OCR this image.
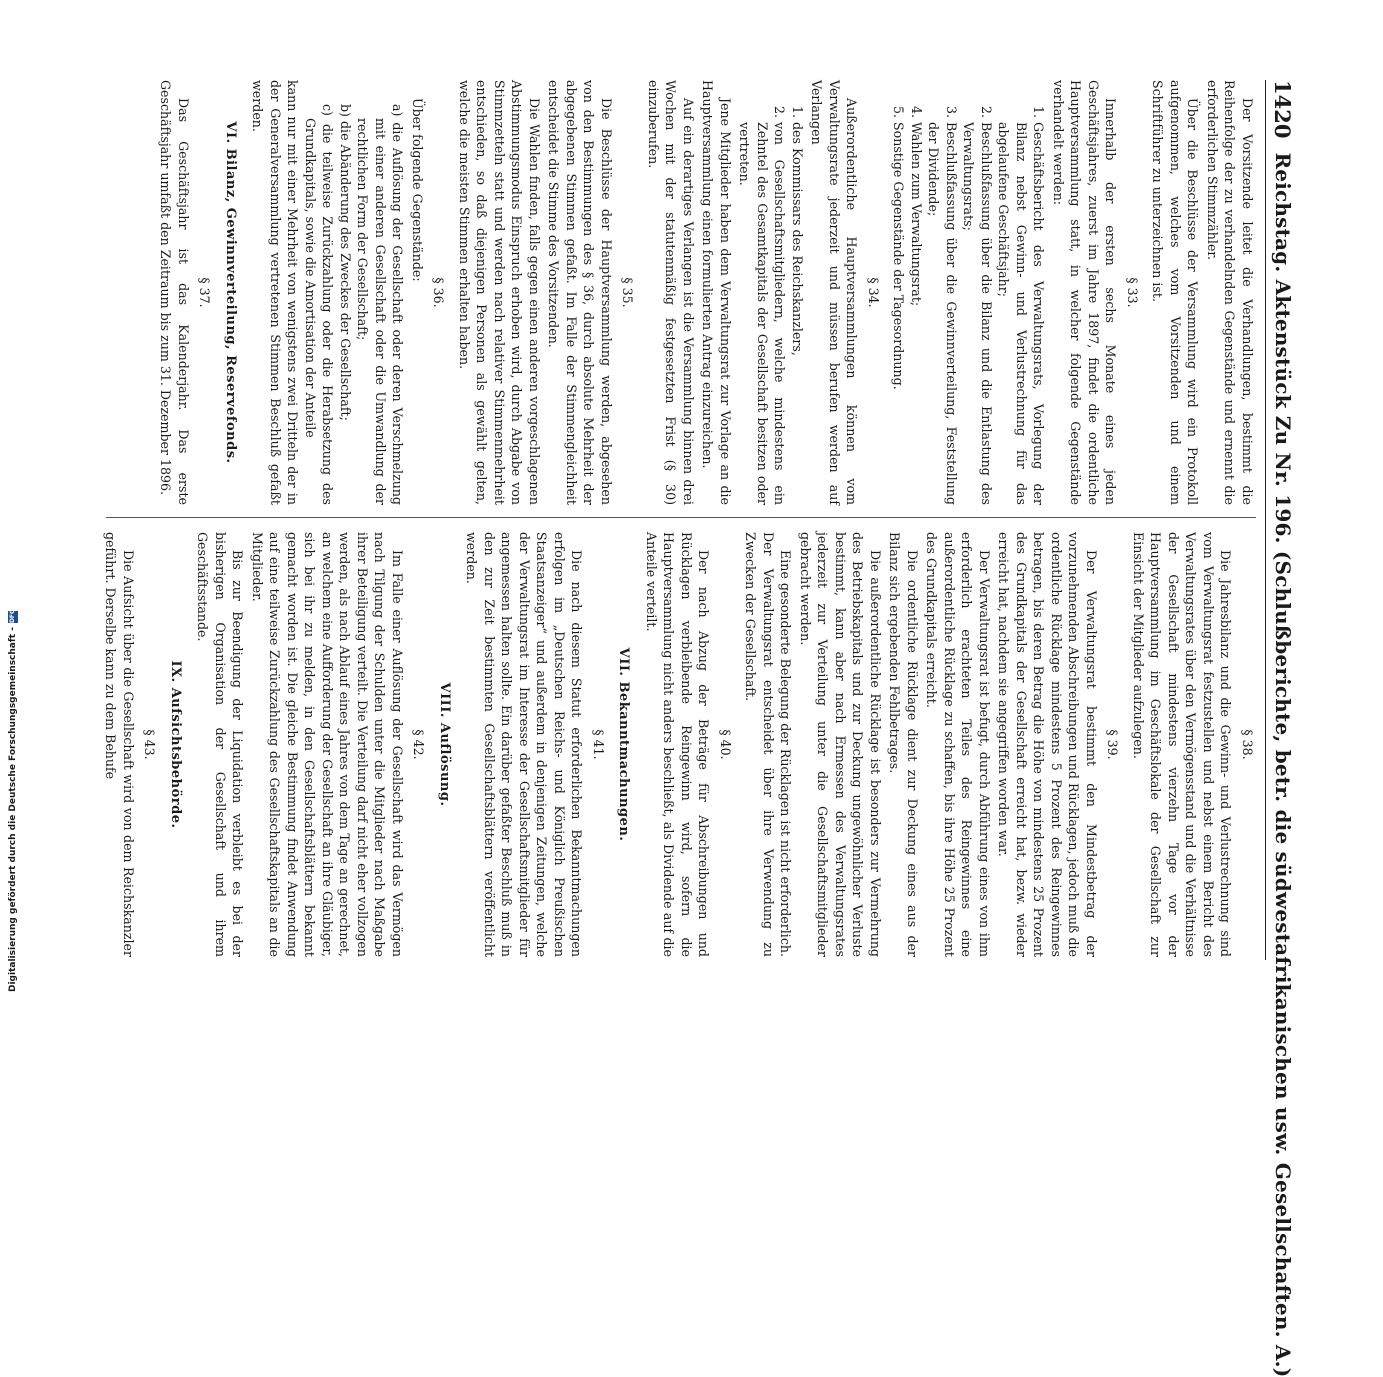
Digitalisierung gefördert durch die Deutsche Forschungsgemeinschaft -
DFG
1420
Reichstag. Aktenstück Zu Nr. 196. (Schlußberichte, betr. die südwestafrikanischen usw. Gesellschaften. A.)

Der Vorsitzende leitet die Verhandlungen, bestimmt die Reihenfolge der zu verhandelnden Gegenstände und ernennt die erforderlichen Stimmzähler.

Über die Beschlüsse der Versammlung wird ein Protokoll aufgenommen, welches vom Vorsitzenden und einem Schriftführer zu unterzeichnen ist.

§ 33.

Innerhalb der ersten sechs Monate eines jeden Geschäftsjahres, zuerst im Jahre 1897, findet die ordentliche Hauptversammlung statt, in welcher folgende Gegenstände verhandelt werden:

1. Geschäftsbericht des Verwaltungsrats, Vorlegung der Bilanz nebst Gewinn- und Verlustrechnung für das abgelaufene Geschäftsjahr;
2. Beschlußfassung über die Bilanz und die Entlastung des Verwaltungsrats;
3. Beschlußfassung über die Gewinnverteilung, Feststellung der Dividende;
4. Wahlen zum Verwaltungsrat;
5. Sonstige Gegenstände der Tagesordnung.
§ 34.

Außerordentliche Hauptversammlungen können vom Verwaltungsrate jederzeit und müssen berufen werden auf Verlangen

1. des Kommissars des Reichskanzlers,
2. von Gesellschaftsmitgliedern, welche mindestens ein Zehntel des Gesamtkapitals der Gesellschaft besitzen oder vertreten.

Jene Mitglieder haben dem Verwaltungsrat zur Vorlage an die Hauptversammlung einen formulierten Antrag einzureichen.

Auf ein derartiges Verlangen ist die Versammlung binnen drei Wochen mit der statutenmäßig festgesetzten Frist (§ 30) einzuberufen.

§ 35.

Die Beschlüsse der Hauptversammlung werden, abgesehen von den Bestimmungen des § 36, durch absolute Mehrheit der abgegebenen Stimmen gefaßt. Im Falle der Stimmengleichheit entscheidet die Stimme des Vorsitzenden.

Die Wahlen finden, falls gegen einen anderen vorgeschlagenen Abstimmungsmodus Einspruch erhoben wird, durch Abgabe von Stimmzetteln statt und werden nach relativer Stimmenmehrheit entschieden, so daß diejenigen Personen als gewählt gelten, welche die meisten Stimmen erhalten haben.

§ 36.

Über folgende Gegenstände:

a) die Auflösung der Gesellschaft oder deren Verschmelzung mit einer anderen Gesellschaft oder die Umwandlung der rechtlichen Form der Gesellschaft;

b) die Abänderung des Zweckes der Gesellschaft;

c) die teilweise Zurückzahlung oder die Herabsetzung des Grundkapitals, sowie die Amortisation der Anteile

kann nur mit einer Mehrheit von wenigstens zwei Dritteln der in der Generalversammlung vertretenen Stimmen Beschluß gefaßt werden.

VI. Bilanz, Gewinnverteilung, Reservefonds.
§ 37.

Das Geschäftsjahr ist das Kalenderjahr. Das erste Geschäftsjahr umfaßt den Zeitraum bis zum 31. Dezember 1896.

§ 38.

Die Jahresbilanz und die Gewinn- und Verlustrechnung sind vom Verwaltungsrat festzustellen und nebst einem Bericht des Verwaltungsrates über den Vermögensstand und die Verhältnisse der Gesellschaft mindestens vierzehn Tage vor der Hauptversammlung im Geschäftslokale der Gesellschaft zur Einsicht der Mitglieder aufzulegen.

§ 39.

Der Verwaltungsrat bestimmt den Mindestbetrag der vorzunehmenden Abschreibungen und Rücklagen, jedoch muß die ordentliche Rücklage mindestens 5 Prozent des Reingewinnes betragen, bis deren Betrag die Höhe von mindestens 25 Prozent des Grundkapitals der Gesellschaft erreicht hat, bezw. wieder erreicht hat, nachdem sie angegriffen worden war.

Der Verwaltungsrat ist befugt, durch Abführung eines von ihm erforderlich erachteten Teiles des Reingewinnes eine außerordentliche Rücklage zu schaffen, bis ihre Höhe 25 Prozent des Grundkapitals erreicht.

Die ordentliche Rücklage dient zur Deckung eines aus der Bilanz sich ergebenden Fehlbetrages.

Die außerordentliche Rücklage ist besonders zur Vermehrung des Betriebskapitals und zur Deckung ungewöhnlicher Verluste bestimmt, kann aber nach Ermessen des Verwaltungsrates jederzeit zur Verteilung unter die Gesellschaftsmitglieder gebracht werden.

Eine gesonderte Belegung der Rücklagen ist nicht erforderlich. Der Verwaltungsrat entscheidet über ihre Verwendung zu Zwecken der Gesellschaft.

§ 40.

Der nach Abzug der Beträge für Abschreibungen und Rücklagen verbleibende Reingewinn wird, sofern die Hauptversammlung nicht anders beschließt, als Dividende auf die Anteile verteilt.

VII. Bekanntmachungen.
§ 41.

Die nach diesem Statut erforderlichen Bekanntmachungen erfolgen im „Deutschen Reichs- und Königlich Preußischen Staatsanzeiger“ und außerdem in denjenigen Zeitungen, welche der Verwaltungsrat im Interesse der Gesellschaftsmitglieder für angemessen halten sollte. Ein darüber gefaßter Beschluß muß in den zur Zeit bestimmten Gesellschaftsblättern veröffentlicht werden.

VIII. Auflösung.
§ 42.

Im Falle einer Auflösung der Gesellschaft wird das Vermögen nach Tilgung der Schulden unter die Mitglieder nach Maßgabe ihrer Beteiligung verteilt. Die Verteilung darf nicht eher vollzogen werden, als nach Ablauf eines Jahres von dem Tage an gerechnet, an welchem eine Aufforderung der Gesellschaft an ihre Gläubiger, sich bei ihr zu melden, in den Gesellschaftsblättern bekannt gemacht worden ist. Die gleiche Bestimmung findet Anwendung auf eine teilweise Zurückzahlung des Gesellschaftskapitals an die Mitglieder.

Bis zur Beendigung der Liquidation verbleibt es bei der bisherigen Organisation der Gesellschaft und ihrem Geschäftsstande.

IX. Aufsichtsbehörde.
§ 43.

Die Aufsicht über die Gesellschaft wird von dem Reichskanzler geführt. Derselbe kann zu dem Behufe
